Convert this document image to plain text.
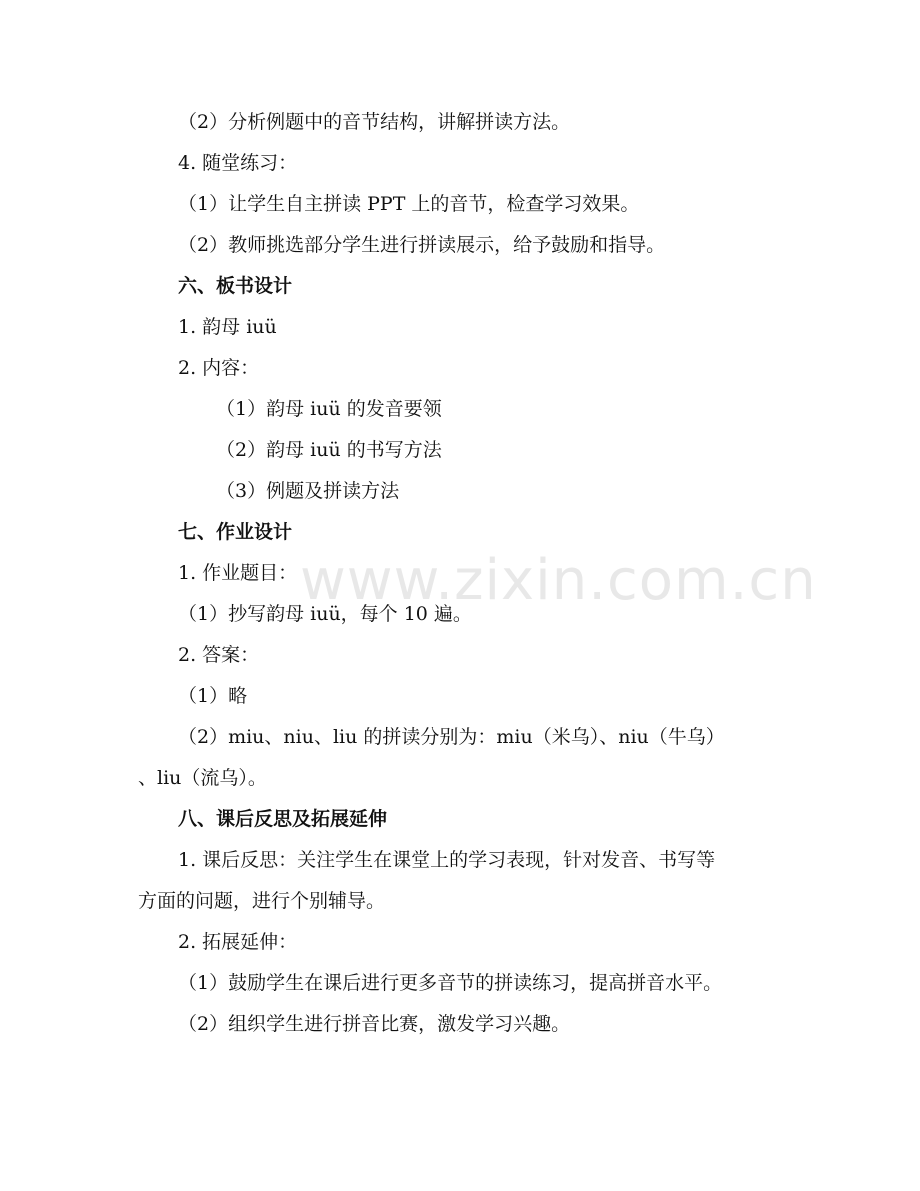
（2）分析例题中的音节结构，讲解拼读方法。
4. 随堂练习：
（1）让学生自主拼读 PPT 上的音节，检查学习效果。
（2）教师挑选部分学生进行拼读展示，给予鼓励和指导。
六、板书设计
1. 韵母 iuü
2. 内容：
（1）韵母 iuü 的发音要领
（2）韵母 iuü 的书写方法
（3）例题及拼读方法
七、作业设计
1. 作业题目：
（1）抄写韵母 iuü，每个 10 遍。
2. 答案：
（1）略
（2）miu、niu、liu 的拼读分别为：miu（米乌）、niu（牛乌）
、liu（流乌）。
八、课后反思及拓展延伸
1. 课后反思：关注学生在课堂上的学习表现，针对发音、书写等
方面的问题，进行个别辅导。
2. 拓展延伸：
（1）鼓励学生在课后进行更多音节的拼读练习，提高拼音水平。
（2）组织学生进行拼音比赛，激发学习兴趣。
www.zixin.com.cn
